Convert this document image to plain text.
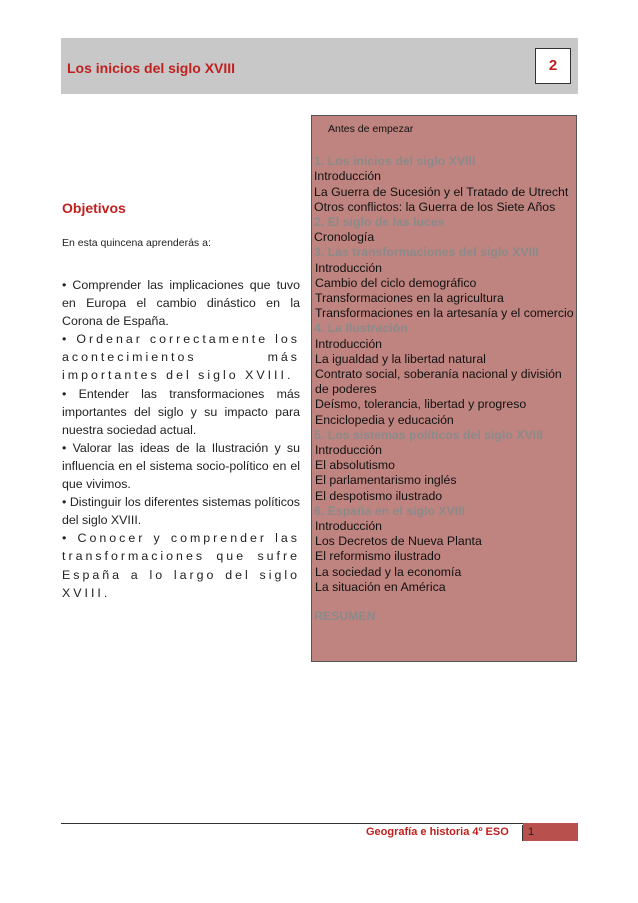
Los inicios del siglo XVIII	2
Objetivos
En esta quincena aprenderás a:

• Comprender las implicaciones que tuvo en Europa el cambio dinástico en la Corona de España.

• Ordenar correctamente los acontecimientos más importantes del siglo XVIII.

• Entender las transformaciones más importantes del siglo y su impacto para nuestra sociedad actual.

• Valorar las ideas de la Ilustración y su influencia en el sistema socio-político en el que vivimos.

• Distinguir los diferentes sistemas políticos del siglo XVIII.

• Conocer y comprender las transformaciones que sufre España a lo largo del siglo XVIII.

Antes de empezar
1. Los inicios del siglo XVIII
Introducción
La Guerra de Sucesión y el Tratado de Utrecht
Otros conflictos: la Guerra de los Siete Años
2. El siglo de las luces
Cronología
3. Las transformaciones del siglo XVIII
Introducción
Cambio del ciclo demográfico
Transformaciones en la agricultura
Transformaciones en la artesanía y el comercio
4. La Ilustración
Introducción
La igualdad y la libertad natural
Contrato social, soberanía nacional y división de poderes
Deísmo, tolerancia, libertad y progreso
Enciclopedia y educación
5. Los sistemas políticos del siglo XVIII
Introducción
El absolutismo
El parlamentarismo inglés
El despotismo ilustrado
6. España en el siglo XVIII
Introducción
Los Decretos de Nueva Planta
El reformismo ilustrado
La sociedad y la economía
La situación en América
RESUMEN
Geografía e historia 4º ESO	1
